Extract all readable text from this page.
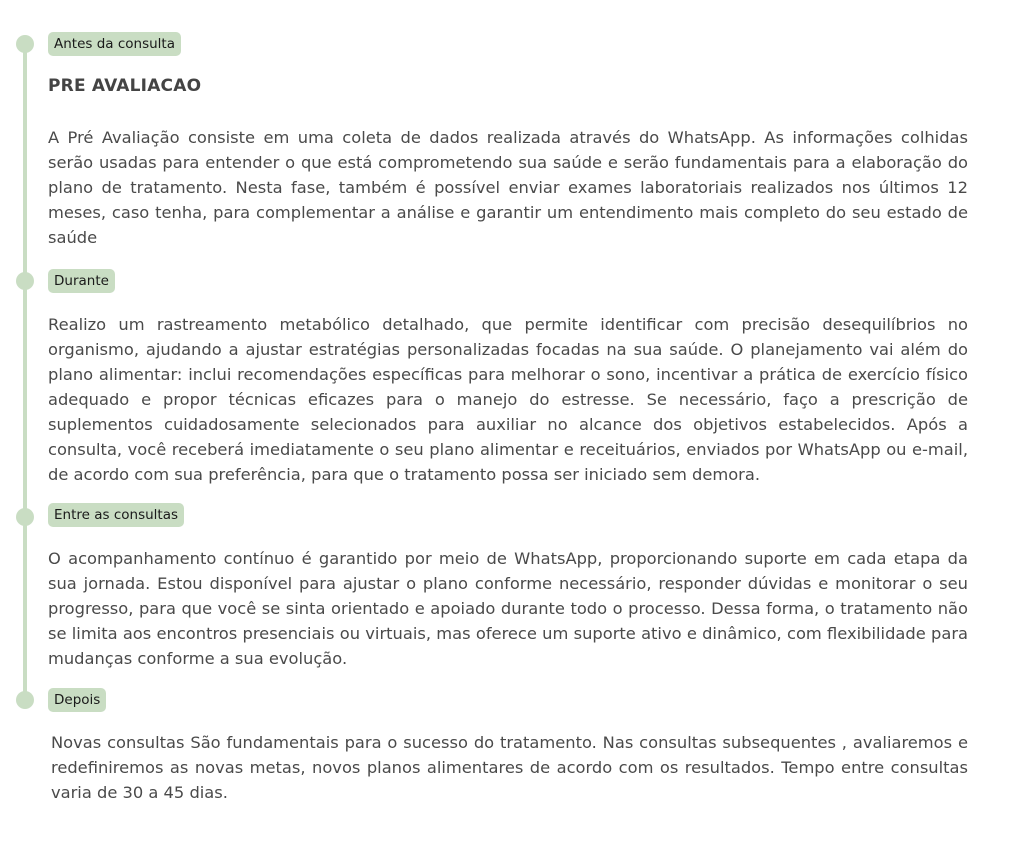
Antes da consulta
PRE AVALIACAO

A Pré Avaliação consiste em uma coleta de dados realizada através do WhatsApp. As informações colhidas serão usadas para entender o que está comprometendo sua saúde e serão fundamentais para a elaboração do plano de tratamento. Nesta fase, também é possível enviar exames laboratoriais realizados nos últimos 12 meses, caso tenha, para complementar a análise e garantir um entendimento mais completo do seu estado de saúde

Durante

Realizo um rastreamento metabólico detalhado, que permite identificar com precisão desequilíbrios no organismo, ajudando a ajustar estratégias personalizadas focadas na sua saúde. O planejamento vai além do plano alimentar: inclui recomendações específicas para melhorar o sono, incentivar a prática de exercício físico adequado e propor técnicas eficazes para o manejo do estresse. Se necessário, faço a prescrição de suplementos cuidadosamente selecionados para auxiliar no alcance dos objetivos estabelecidos. Após a consulta, você receberá imediatamente o seu plano alimentar e receituários, enviados por WhatsApp ou e-mail, de acordo com sua preferência, para que o tratamento possa ser iniciado sem demora.

Entre as consultas

O acompanhamento contínuo é garantido por meio de WhatsApp, proporcionando suporte em cada etapa da sua jornada. Estou disponível para ajustar o plano conforme necessário, responder dúvidas e monitorar o seu progresso, para que você se sinta orientado e apoiado durante todo o processo. Dessa forma, o tratamento não se limita aos encontros presenciais ou virtuais, mas oferece um suporte ativo e dinâmico, com flexibilidade para mudanças conforme a sua evolução.

Depois

Novas consultas São fundamentais para o sucesso do tratamento. Nas consultas subsequentes , avaliaremos e redefiniremos as novas metas, novos planos alimentares de acordo com os resultados. Tempo entre consultas varia de 30 a 45 dias.
